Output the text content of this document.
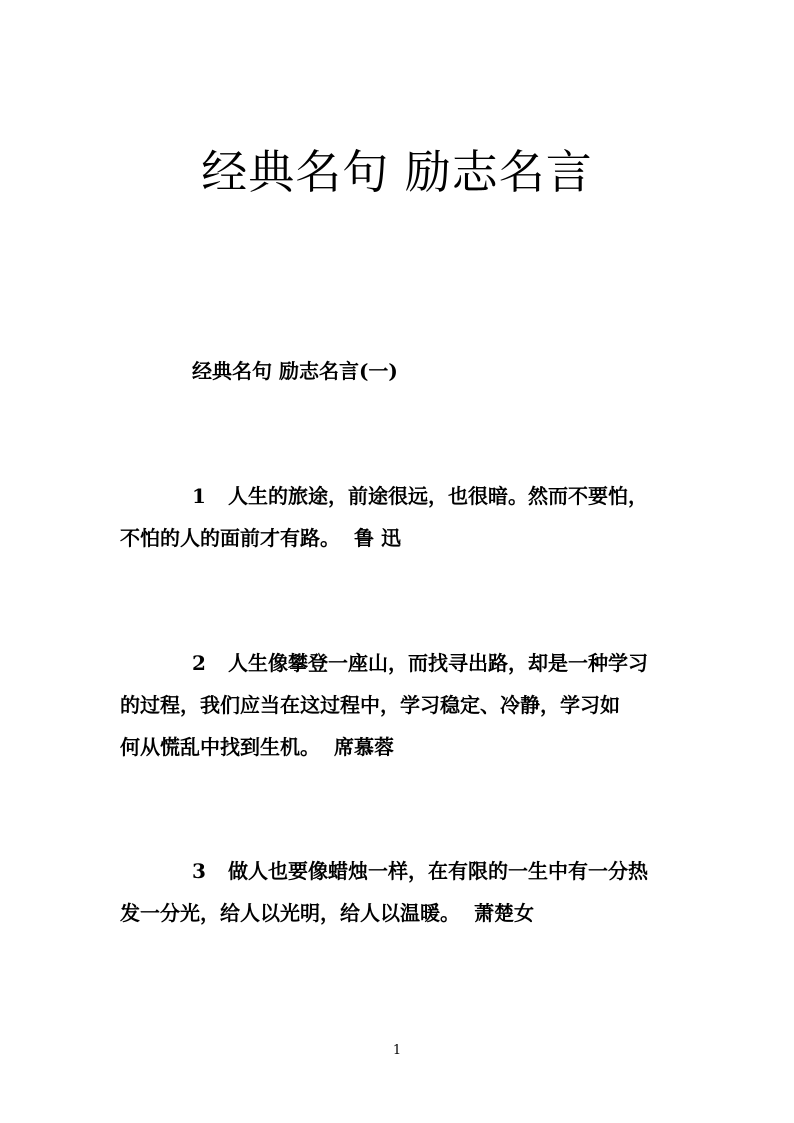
经典名句 励志名言

经典名句 励志名言(一)

1 人生的旅途，前途很远，也很暗。然而不要怕，
不怕的人的面前才有路。 鲁 迅
2 人生像攀登一座山，而找寻出路，却是一种学习
的过程，我们应当在这过程中，学习稳定、冷静，学习如
何从慌乱中找到生机。 席慕蓉
3 做人也要像蜡烛一样，在有限的一生中有一分热
发一分光，给人以光明，给人以温暖。 萧楚女

1
